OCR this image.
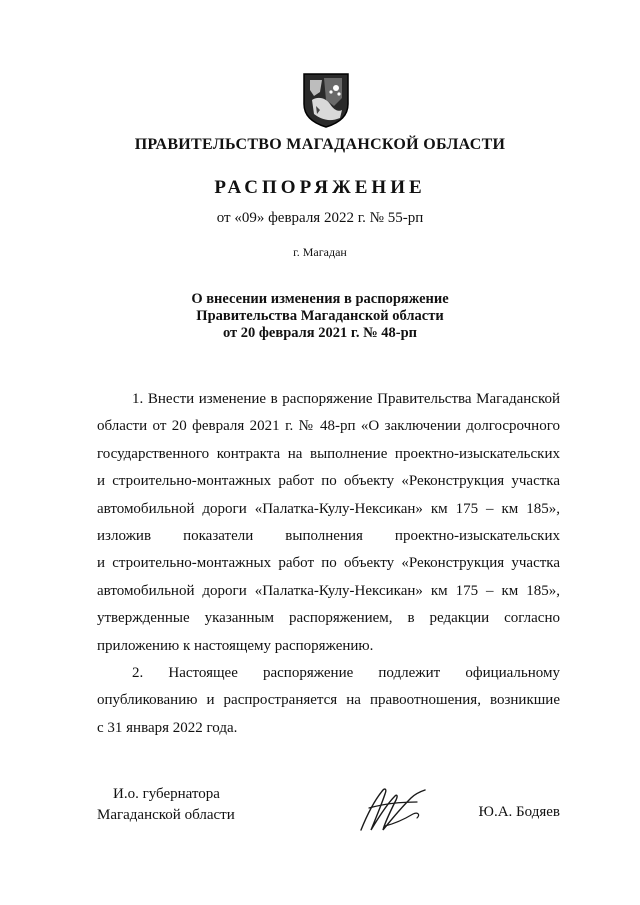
ПРАВИТЕЛЬСТВО МАГАДАНСКОЙ ОБЛАСТИ
РАСПОРЯЖЕНИЕ
от «09» февраля 2022 г. № 55-рп
г. Магадан
О внесении изменения в распоряжение
Правительства Магаданской области
от 20 февраля 2021 г. № 48-рп
1. Внести изменение в распоряжение Правительства Магаданской
области от 20 февраля 2021 г. № 48-рп «О заключении долгосрочного
государственного контракта на выполнение проектно-изыскательских
и строительно-монтажных работ по объекту «Реконструкция участка
автомобильной дороги «Палатка-Кулу-Нексикан» км 175 – км 185»,
изложив показатели выполнения проектно-изыскательских
и строительно-монтажных работ по объекту «Реконструкция участка
автомобильной дороги «Палатка-Кулу-Нексикан» км 175 – км 185»,
утвержденные указанным распоряжением, в редакции согласно
приложению к настоящему распоряжению.
2. Настоящее распоряжение подлежит официальному
опубликованию и распространяется на правоотношения, возникшие
с 31 января 2022 года.
И.о. губернатора
Магаданской области	Ю.А. Бодяев
